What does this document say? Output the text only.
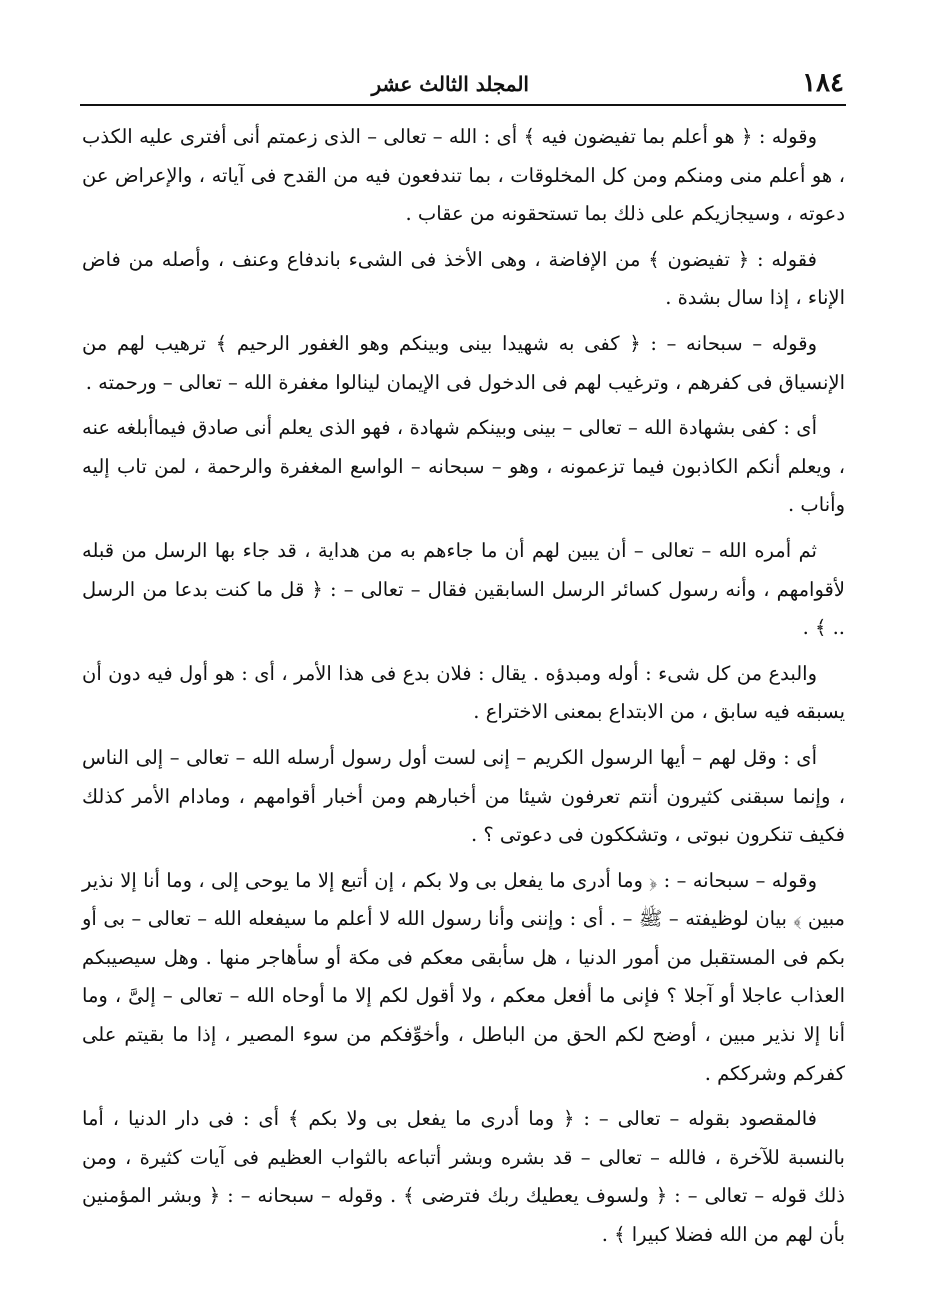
١٨٤
المجلد الثالث عشر

وقوله : ﴿ هو أعلم بما تفيضون فيه ﴾ أى : الله – تعالى – الذى زعمتم أنى أفترى عليه الكذب ، هو أعلم منى ومنكم ومن كل المخلوقات ، بما تندفعون فيه من القدح فى آياته ، والإعراض عن دعوته ، وسيجازيكم على ذلك بما تستحقونه من عقاب .

فقوله : ﴿ تفيضون ﴾ من الإفاضة ، وهى الأخذ فى الشىء باندفاع وعنف ، وأصله من فاض الإناء ، إذا سال بشدة .

وقوله – سبحانه – : ﴿ كفى به شهيدا بينى وبينكم وهو الغفور الرحيم ﴾ ترهيب لهم من الإنسياق فى كفرهم ، وترغيب لهم فى الدخول فى الإيمان لينالوا مغفرة الله – تعالى – ورحمته .

أى : كفى بشهادة الله – تعالى – بينى وبينكم شهادة ، فهو الذى يعلم أنى صادق فيماأبلغه عنه ، ويعلم أنكم الكاذبون فيما تزعمونه ، وهو – سبحانه – الواسع المغفرة والرحمة ، لمن تاب إليه وأناب .

ثم أمره الله – تعالى – أن يبين لهم أن ما جاءهم به من هداية ، قد جاء بها الرسل من قبله لأقوامهم ، وأنه رسول كسائر الرسل السابقين فقال – تعالى – : ﴿ قل ما كنت بدعا من الرسل .. ﴾ .

والبدع من كل شىء : أوله ومبدؤه . يقال : فلان بدع فى هذا الأمر ، أى : هو أول فيه دون أن يسبقه فيه سابق ، من الابتداع بمعنى الاختراع .

أى : وقل لهم – أيها الرسول الكريم – إنى لست أول رسول أرسله الله – تعالى – إلى الناس ، وإنما سبقنى كثيرون أنتم تعرفون شيئا من أخبارهم ومن أخبار أقوامهم ، ومادام الأمر كذلك فكيف تنكرون نبوتى ، وتشككون فى دعوتى ؟ .

وقوله – سبحانه – : ﴿ وما أدرى ما يفعل بى ولا بكم ، إن أتبع إلا ما يوحى إلى ، وما أنا إلا نذير مبين ﴾ بيان لوظيفته – ﷺ – . أى : وإننى وأنا رسول الله لا أعلم ما سيفعله الله – تعالى – بى أو بكم فى المستقبل من أمور الدنيا ، هل سأبقى معكم فى مكة أو سأهاجر منها . وهل سيصيبكم العذاب عاجلا أو آجلا ؟ فإنى ما أفعل معكم ، ولا أقول لكم إلا ما أوحاه الله – تعالى – إلىَّ ، وما أنا إلا نذير مبين ، أوضح لكم الحق من الباطل ، وأخوِّفكم من سوء المصير ، إذا ما بقيتم على كفركم وشرككم .

فالمقصود بقوله – تعالى – : ﴿ وما أدرى ما يفعل بى ولا بكم ﴾ أى : فى دار الدنيا ، أما بالنسبة للآخرة ، فالله – تعالى – قد بشره وبشر أتباعه بالثواب العظيم فى آيات كثيرة ، ومن ذلك قوله – تعالى – : ﴿ ولسوف يعطيك ربك فترضى ﴾ . وقوله – سبحانه – : ﴿ وبشر المؤمنين بأن لهم من الله فضلا كبيرا ﴾ .
